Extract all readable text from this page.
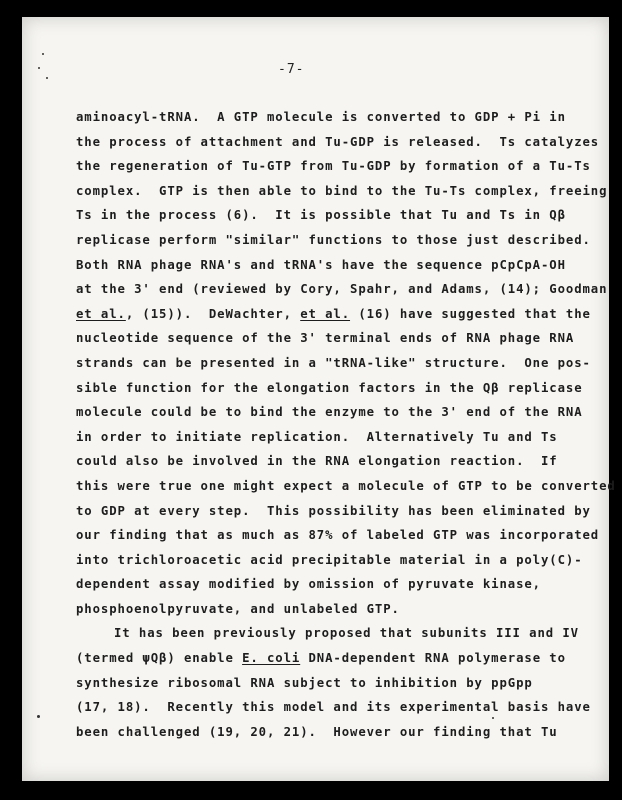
-7-
aminoacyl-tRNA.  A GTP molecule is converted to GDP + Pi in
the process of attachment and Tu-GDP is released.  Ts catalyzes
the regeneration of Tu-GTP from Tu-GDP by formation of a Tu-Ts
complex.  GTP is then able to bind to the Tu-Ts complex, freeing
Ts in the process (6).  It is possible that Tu and Ts in Qβ
replicase perform "similar" functions to those just described.
Both RNA phage RNA's and tRNA's have the sequence pCpCpA-OH
at the 3' end (reviewed by Cory, Spahr, and Adams, (14); Goodman
et al., (15)).  DeWachter, et al. (16) have suggested that the
nucleotide sequence of the 3' terminal ends of RNA phage RNA
strands can be presented in a "tRNA-like" structure.  One pos-
sible function for the elongation factors in the Qβ replicase
molecule could be to bind the enzyme to the 3' end of the RNA
in order to initiate replication.  Alternatively Tu and Ts
could also be involved in the RNA elongation reaction.  If
this were true one might expect a molecule of GTP to be converted
to GDP at every step.  This possibility has been eliminated by
our finding that as much as 87% of labeled GTP was incorporated
into trichloroacetic acid precipitable material in a poly(C)-
dependent assay modified by omission of pyruvate kinase,
phosphoenolpyruvate, and unlabeled GTP.
It has been previously proposed that subunits III and IV
(termed ψQβ) enable E. coli DNA-dependent RNA polymerase to
synthesize ribosomal RNA subject to inhibition by ppGpp
(17, 18).  Recently this model and its experimental basis have
been challenged (19, 20, 21).  However our finding that Tu
